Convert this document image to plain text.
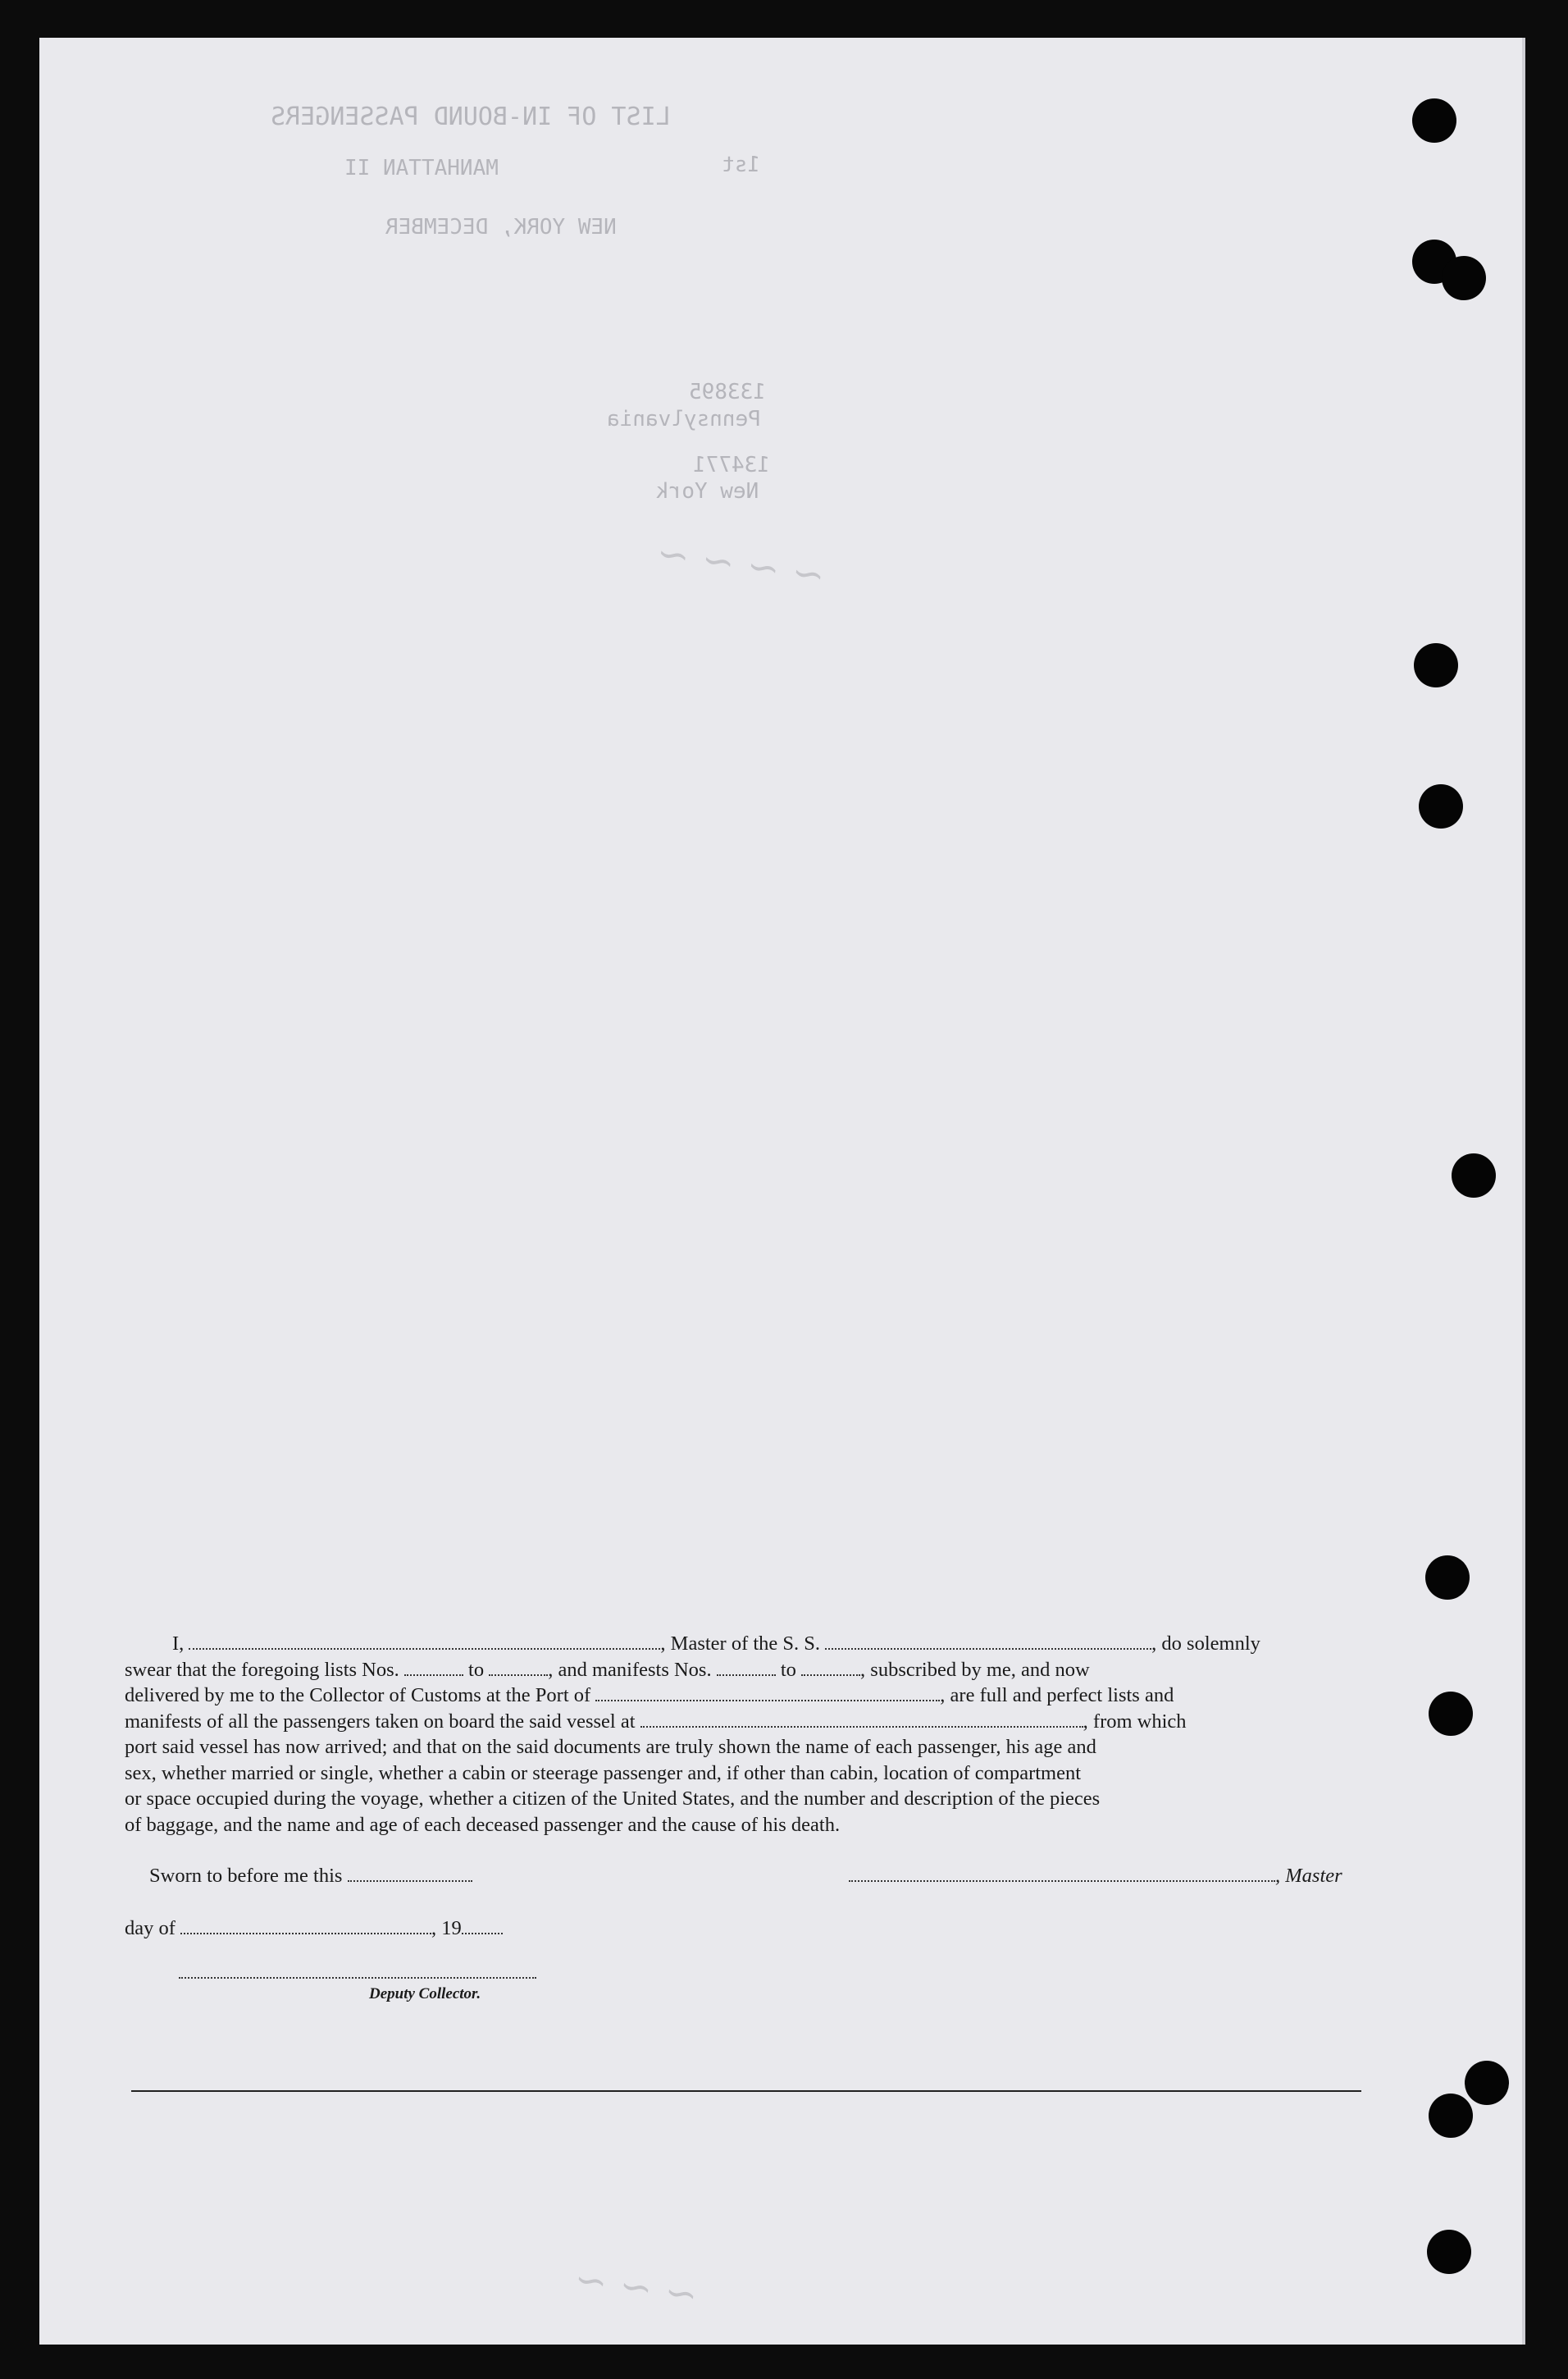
LIST OF IN-BOUND PASSENGERS
MANHATTAN II	1st
NEW YORK, DECEMBER
133895
Pennsylvania
134771
New York
~ ~ ~ ~
~ ~ ~
I,	, Master of the S. S.	, do solemnly
swear that the foregoing lists Nos.	to	, and manifests Nos.	to	, subscribed by me, and now
delivered by me to the Collector of Customs at the Port of	, are full and perfect lists and
manifests of all the passengers taken on board the said vessel at	, from which
port said vessel has now arrived; and that on the said documents are truly shown the name of each passenger, his age and
sex, whether married or single, whether a cabin or steerage passenger and, if other than cabin, location of compartment
or space occupied during the voyage, whether a citizen of the United States, and the number and description of the pieces
of baggage, and the name and age of each deceased passenger and the cause of his death.
Sworn to before me this	, Master
day of	, 19
Deputy Collector.
